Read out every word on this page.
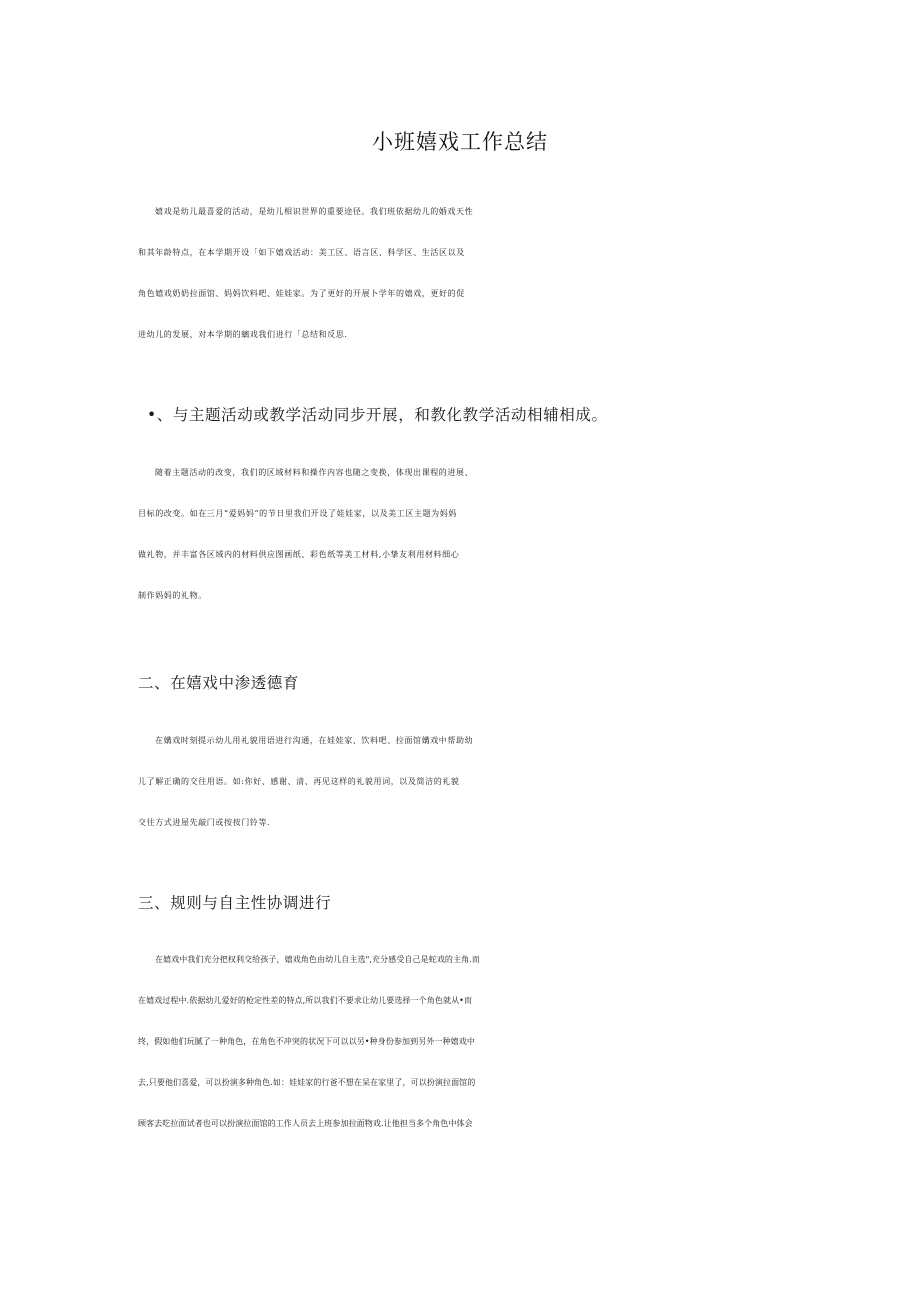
小班嬉戏工作总结

嬉戏是幼儿最喜爱的活动，是幼儿相识世界的重要途径。我们班依据幼儿的婚戏天性
和其年龄特点，在本学期开设「如下嬉戏活动：美工区、语言区、科学区、生活区以及
角色嬉戏奶奶拉面馆、妈妈饮料吧、娃娃家。为了更好的开展卜学年的嬉戏，更好的促
进幼儿的发展，对本学期的螭戏我们进行「总结和反思.

•、与主题活动或教学活动同步开展，和教化教学活动相辅相成。

随着主题活动的改变，我们的区域材料和操作内容也随之变换，体现出课程的进展、
目标的改变。如在三月“爱妈妈”的节日里我们开设了娃娃家，以及美工区主题为妈妈
做礼物，并丰富各区域内的材料供应图画纸、彩色纸等美工材料,小挚友利用材料细心
制作妈妈的礼物。

二、在嬉戏中渗透德育

在媾戏时刻提示幼儿用礼貌用语进行沟通，在娃娃家、饮料吧、拉面馆媾戏中帮助幼
儿了解正确的交往用语。如:你好、感谢、清、再见这样的礼貌用词，以及简洁的礼貌
交往方式进屋先敲门或按按门铃等.

三、规则与自主性协调进行

在嬉戏中我们充分把权利交给孩子，嬉戏角色由幼儿自主选",充分感受自己是蛇戏的主角.而
在嬉戏过程中.依据幼儿爱好的枪定性差的特点,所以我们不要求让幼儿要选择一个角色就从•而
终，假如他们玩腻了一种角色，在角色不冲突的状况下可以以另•种身份参加到另外一种嬉戏中
去,只要他们喜爱，可以扮演多种角色.如：娃娃家的行爸不想在呆在家里了，可以扮演拉面馆的
顾客去吃拉面试者也可以扮演拉面馆的工作人员去上班参加拉面物戏.让他担当多个角色中体会
